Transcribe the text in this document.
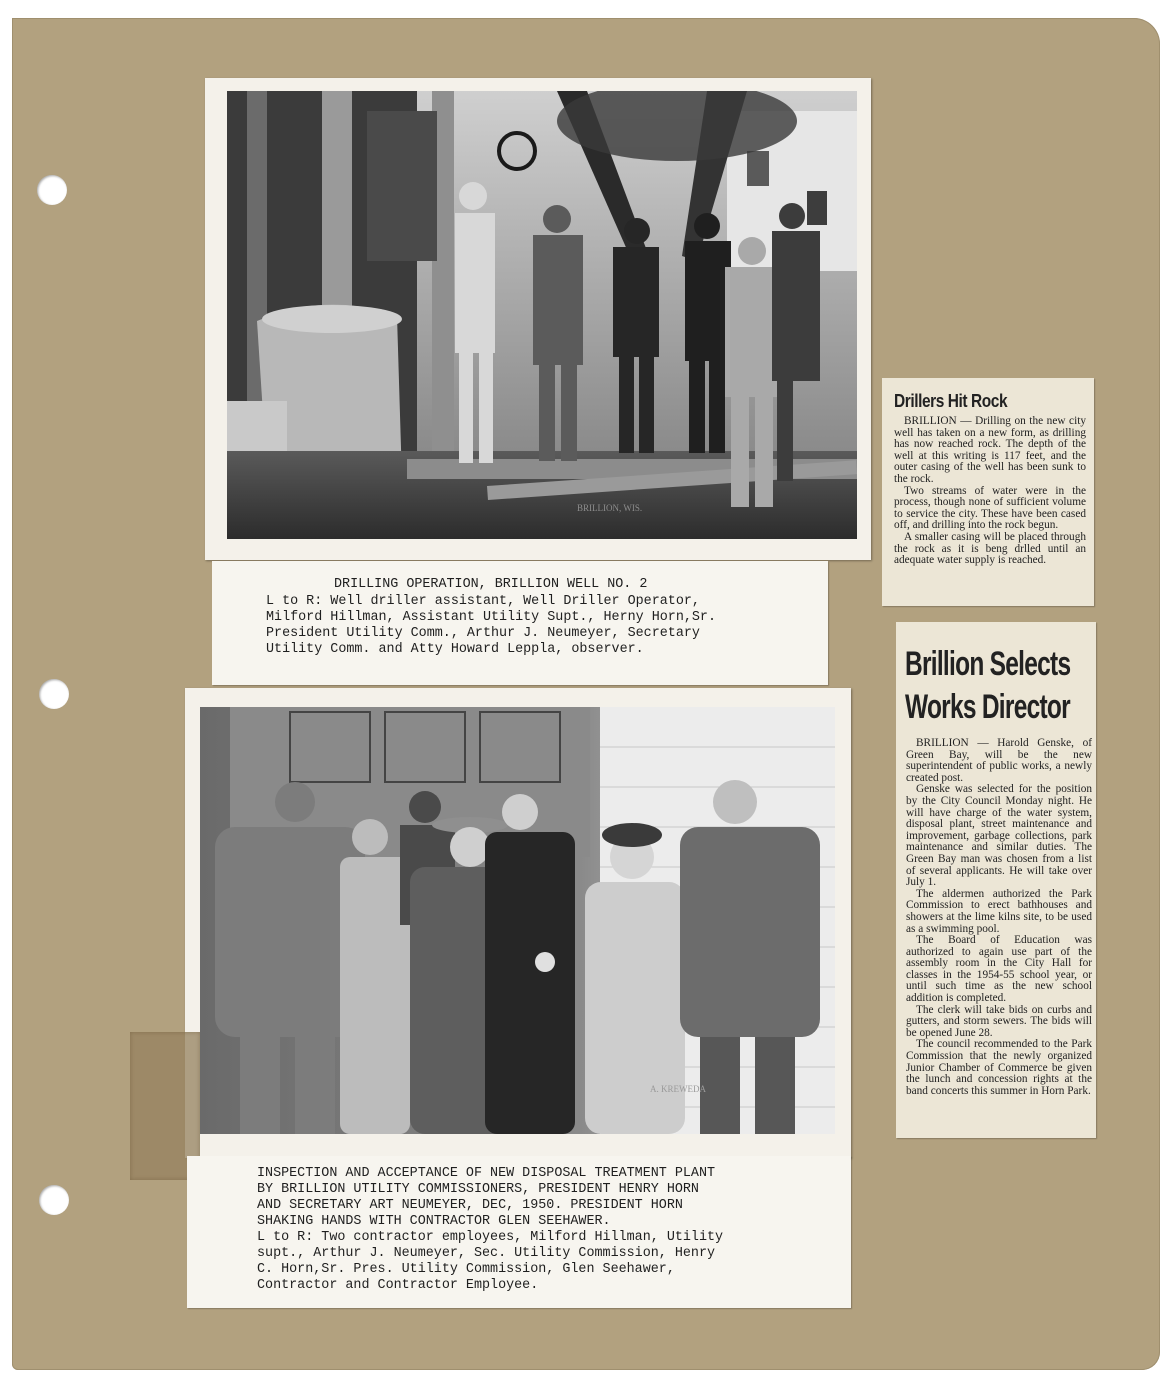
BRILLION, WIS.
DRILLING OPERATION, BRILLION WELL NO. 2
L to R: Well driller assistant, Well Driller Operator,
Milford Hillman, Assistant Utility Supt., Herny Horn,Sr.
President Utility Comm., Arthur J. Neumeyer, Secretary
Utility Comm. and Atty Howard Leppla, observer.
A. KREWEDA
INSPECTION AND ACCEPTANCE OF NEW DISPOSAL TREATMENT PLANT
BY BRILLION UTILITY COMMISSIONERS, PRESIDENT HENRY HORN
AND SECRETARY ART NEUMEYER, DEC, 1950. PRESIDENT HORN
SHAKING HANDS WITH CONTRACTOR GLEN SEEHAWER.
L to R: Two contractor employees, Milford Hillman, Utility
supt., Arthur J. Neumeyer, Sec. Utility Commission, Henry
C. Horn,Sr. Pres. Utility Commission, Glen Seehawer,
Contractor and Contractor Employee.
Drillers Hit Rock

BRILLION — Drilling on the new city well has taken on a new form, as drilling has now reached rock. The depth of the well at this writing is 117 feet, and the outer casing of the well has been sunk to the rock.

Two streams of water were in the process, though none of sufficient volume to service the city. These have been cased off, and drilling into the rock begun.

A smaller casing will be placed through the rock as it is beng drlled until an adequate water supply is reached.

Brillion Selects
Works Director

BRILLION — Harold Genske, of Green Bay, will be the new superintendent of public works, a newly created post.

Genske was selected for the position by the City Council Monday night. He will have charge of the water system, disposal plant, street maintenance and improvement, garbage collections, park maintenance and similar duties. The Green Bay man was chosen from a list of several applicants. He will take over July 1.

The aldermen authorized the Park Commission to erect bathhouses and showers at the lime kilns site, to be used as a swimming pool.

The Board of Education was authorized to again use part of the assembly room in the City Hall for classes in the 1954-55 school year, or until such time as the new school addition is completed.

The clerk will take bids on curbs and gutters, and storm sewers. The bids will be opened June 28.

The council recommended to the Park Commission that the newly organized Junior Chamber of Commerce be given the lunch and concession rights at the band concerts this summer in Horn Park.
